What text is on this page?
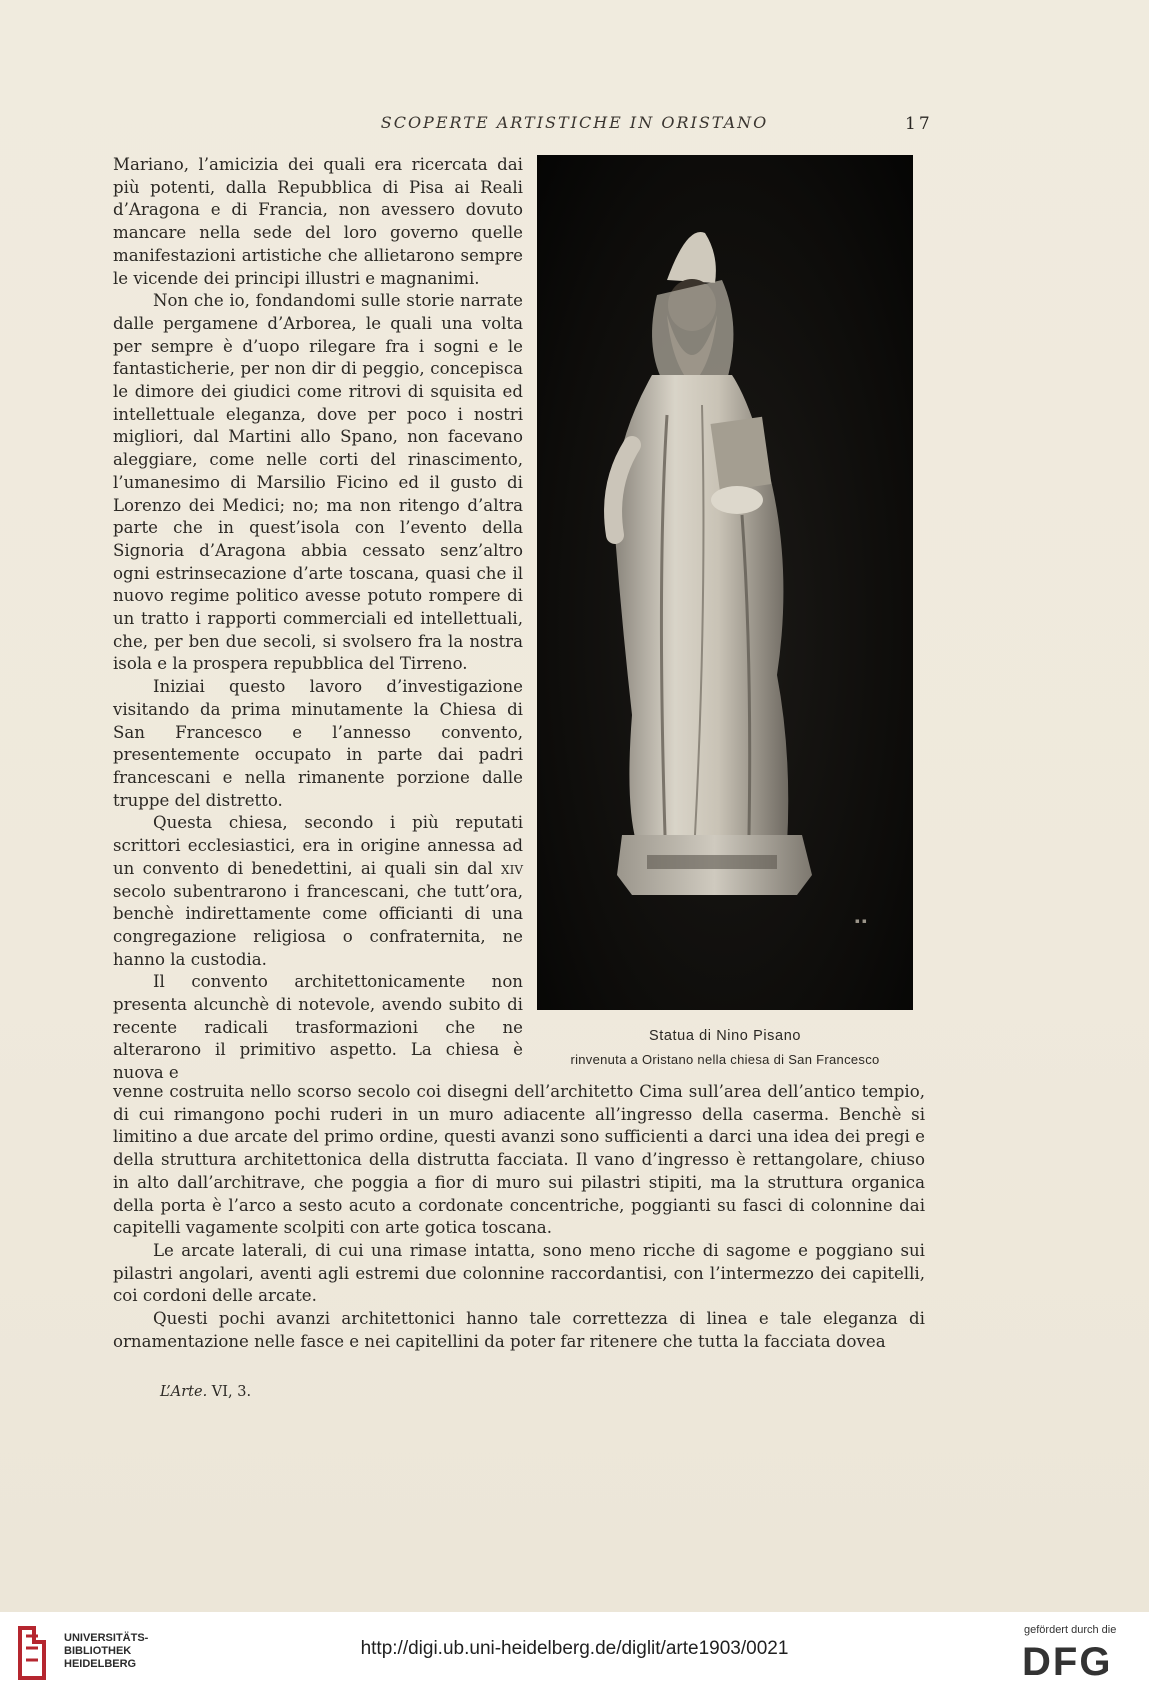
SCOPERTE ARTISTICHE IN ORISTANO	17

Mariano, l’amicizia dei quali era ricercata dai più potenti, dalla Repubblica di Pisa ai Reali d’Aragona e di Francia, non avessero dovuto mancare nella sede del loro governo quelle manifestazioni artistiche che allietarono sempre le vicende dei principi illustri e magnanimi.

Non che io, fondandomi sulle storie narrate dalle pergamene d’Arborea, le quali una volta per sempre è d’uopo rilegare fra i sogni e le fantasticherie, per non dir di peggio, concepisca le dimore dei giudici come ritrovi di squisita ed intellettuale eleganza, dove per poco i nostri migliori, dal Martini allo Spano, non facevano aleggiare, come nelle corti del rinascimento, l’umanesimo di Marsilio Ficino ed il gusto di Lorenzo dei Medici; no; ma non ritengo d’altra parte che in quest’isola con l’evento della Signoria d’Aragona abbia cessato senz’altro ogni estrinsecazione d’arte toscana, quasi che il nuovo regime politico avesse potuto rompere di un tratto i rapporti commerciali ed intellettuali, che, per ben due secoli, si svolsero fra la nostra isola e la prospera repubblica del Tirreno.

Iniziai questo lavoro d’investigazione visitando da prima minutamente la Chiesa di San Francesco e l’annesso convento, presentemente occupato in parte dai padri francescani e nella rimanente porzione dalle truppe del distretto.

Questa chiesa, secondo i più reputati scrittori ecclesiastici, era in origine annessa ad un convento di benedettini, ai quali sin dal xiv secolo subentrarono i francescani, che tutt’ora, benchè indirettamente come officianti di una congregazione religiosa o confraternita, ne hanno la custodia.

Il convento architettonicamente non presenta alcunchè di notevole, avendo subito di recente radicali trasformazioni che ne alterarono il primitivo aspetto. La chiesa è nuova e

▪ ▪
Statua di Nino Pisano
rinvenuta a Oristano nella chiesa di San Francesco

venne costruita nello scorso secolo coi disegni dell’architetto Cima sull’area dell’antico tempio, di cui rimangono pochi ruderi in un muro adiacente all’ingresso della caserma. Benchè si limitino a due arcate del primo ordine, questi avanzi sono sufficienti a darci una idea dei pregi e della struttura architettonica della distrutta facciata. Il vano d’ingresso è rettangolare, chiuso in alto dall’architrave, che poggia a fior di muro sui pilastri stipiti, ma la struttura organica della porta è l’arco a sesto acuto a cordonate concentriche, poggianti su fasci di colonnine dai capitelli vagamente scolpiti con arte gotica toscana.

Le arcate laterali, di cui una rimase intatta, sono meno ricche di sagome e poggiano sui pilastri angolari, aventi agli estremi due colonnine raccordantisi, con l’intermezzo dei capitelli, coi cordoni delle arcate.

Questi pochi avanzi architettonici hanno tale correttezza di linea e tale eleganza di ornamentazione nelle fasce e nei capitellini da poter far ritenere che tutta la facciata dovea

L’Arte. VI, 3.
UNIVERSITÄTS-
BIBLIOTHEK
HEIDELBERG
http://digi.ub.uni-heidelberg.de/diglit/arte1903/0021
gefördert durch die
DFG
